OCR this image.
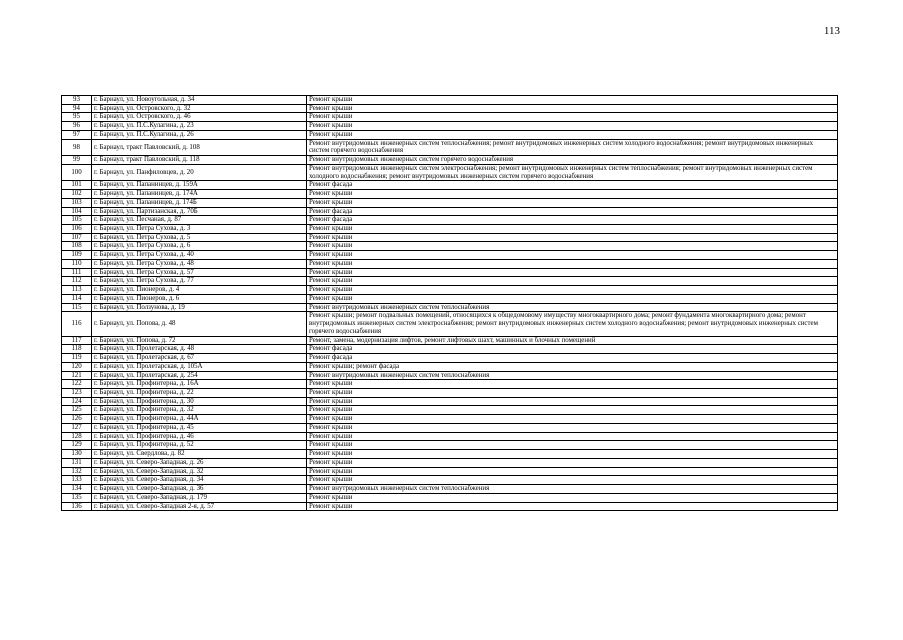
113
93	г. Барнаул, ул. Новоугольная, д. 34	Ремонт крыши
94	г. Барнаул, ул. Островского, д. 32	Ремонт крыши
95	г. Барнаул, ул. Островского, д. 46	Ремонт крыши
96	г. Барнаул, ул. П.С.Кулагина, д. 23	Ремонт крыши
97	г. Барнаул, ул. П.С.Кулагина, д. 26	Ремонт крыши
98	г. Барнаул, тракт Павловский, д. 108	Ремонт внутридомовых инженерных систем теплоснабжения; ремонт внутридомовых инженерных систем холодного водоснабжения; ремонт внутридомовых инженерных систем горячего водоснабжения
99	г. Барнаул, тракт Павловский, д. 118	Ремонт внутридомовых инженерных систем горячего водоснабжения
100	г. Барнаул, ул. Панфиловцев, д. 20	Ремонт внутридомовых инженерных систем электроснабжения; ремонт внутридомовых инженерных систем теплоснабжения; ремонт внутридомовых инженерных систем холодного водоснабжения; ремонт внутридомовых инженерных систем горячего водоснабжения
101	г. Барнаул, ул. Папанинцев, д. 159А	Ремонт фасада
102	г. Барнаул, ул. Папанинцев, д. 174А	Ремонт крыши
103	г. Барнаул, ул. Папанинцев, д. 174Б	Ремонт крыши
104	г. Барнаул, ул. Партизанская, д. 70Б	Ремонт фасада
105	г. Барнаул, ул. Песчаная, д. 87	Ремонт фасада
106	г. Барнаул, ул. Петра Сухова, д. 3	Ремонт крыши
107	г. Барнаул, ул. Петра Сухова, д. 5	Ремонт крыши
108	г. Барнаул, ул. Петра Сухова, д. 6	Ремонт крыши
109	г. Барнаул, ул. Петра Сухова, д. 40	Ремонт крыши
110	г. Барнаул, ул. Петра Сухова, д. 48	Ремонт крыши
111	г. Барнаул, ул. Петра Сухова, д. 57	Ремонт крыши
112	г. Барнаул, ул. Петра Сухова, д. 77	Ремонт крыши
113	г. Барнаул, ул. Пионеров, д. 4	Ремонт крыши
114	г. Барнаул, ул. Пионеров, д. 6	Ремонт крыши
115	г. Барнаул, ул. Ползунова, д. 19	Ремонт внутридомовых инженерных систем теплоснабжения
116	г. Барнаул, ул. Попова, д. 48	Ремонт крыши; ремонт подвальных помещений, относящихся к общедомовому имуществу многоквартирного дома; ремонт фундамента многоквартирного дома; ремонт внутридомовых инженерных систем электроснабжения; ремонт внутридомовых инженерных систем холодного водоснабжения; ремонт внутридомовых инженерных систем горячего водоснабжения
117	г. Барнаул, ул. Попова, д. 72	Ремонт, замена, модернизация лифтов, ремонт лифтовых шахт, машинных и блочных помещений
118	г. Барнаул, ул. Пролетарская, д. 48	Ремонт фасада
119	г. Барнаул, ул. Пролетарская, д. 67	Ремонт фасада
120	г. Барнаул, ул. Пролетарская, д. 105А	Ремонт крыши; ремонт фасада
121	г. Барнаул, ул. Пролетарская, д. 254	Ремонт внутридомовых инженерных систем теплоснабжения
122	г. Барнаул, ул. Профинтерна, д. 16А	Ремонт крыши
123	г. Барнаул, ул. Профинтерна, д. 22	Ремонт крыши
124	г. Барнаул, ул. Профинтерна, д. 30	Ремонт крыши
125	г. Барнаул, ул. Профинтерна, д. 32	Ремонт крыши
126	г. Барнаул, ул. Профинтерна, д. 44А	Ремонт крыши
127	г. Барнаул, ул. Профинтерна, д. 45	Ремонт крыши
128	г. Барнаул, ул. Профинтерна, д. 46	Ремонт крыши
129	г. Барнаул, ул. Профинтерна, д. 52	Ремонт крыши
130	г. Барнаул, ул. Свердлова, д. 82	Ремонт крыши
131	г. Барнаул, ул. Северо-Западная, д. 26	Ремонт крыши
132	г. Барнаул, ул. Северо-Западная, д. 32	Ремонт крыши
133	г. Барнаул, ул. Северо-Западная, д. 34	Ремонт крыши
134	г. Барнаул, ул. Северо-Западная, д. 36	Ремонт внутридомовых инженерных систем теплоснабжения
135	г. Барнаул, ул. Северо-Западная, д. 179	Ремонт крыши
136	г. Барнаул, ул. Северо-Западная 2-я, д. 57	Ремонт крыши
